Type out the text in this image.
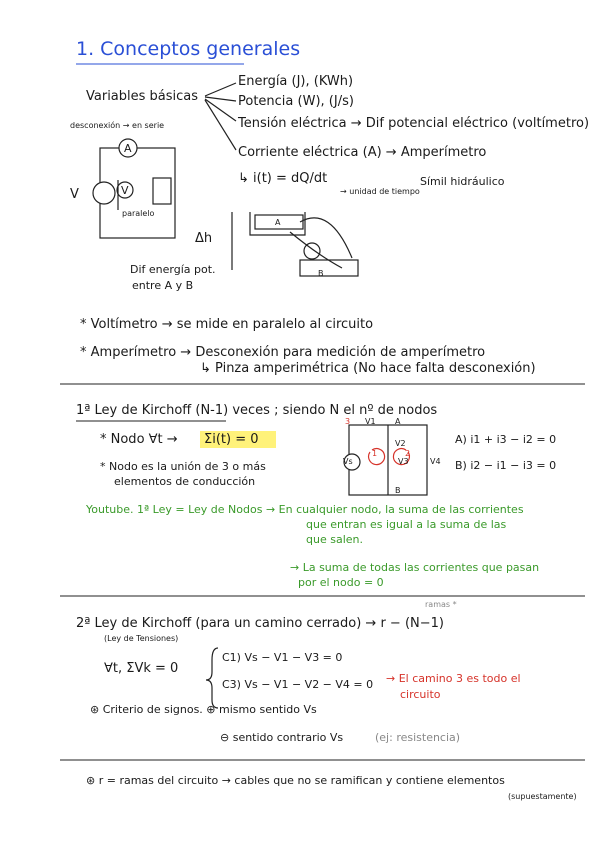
1. Conceptos generales
Variables básicas
Energía (J), (KWh)
Potencia (W), (J/s)
Tensión eléctrica → Dif potencial eléctrico (voltímetro)
Corriente eléctrica (A) → Amperímetro
↳ i(t) = dQ/dt
→ unidad de tiempo
Símil hidráulico
desconexión → en serie
A
V
V
paralelo
Δh
A
B
Dif energía pot.
entre A y B
* Voltímetro → se mide en paralelo al circuito
* Amperímetro → Desconexión para medición de amperímetro
↳ Pinza amperimétrica (No hace falta desconexión)
1ª Ley de Kirchoff (N-1) veces ; siendo N el nº de nodos
* Nodo ∀t → Σi(t) = 0
* Nodo es la unión de 3 o más
elementos de conducción
3 V1 A
V2
V3	V4
Vs
1	2
B
A) i1 + i3 − i2 = 0
B) i2 − i1 − i3 = 0
Youtube. 1ª Ley = Ley de Nodos → En cualquier nodo, la suma de las corrientes
que entran es igual a la suma de las
que salen.
→ La suma de todas las corrientes que pasan
por el nodo = 0
ramas *
2ª Ley de Kirchoff (para un camino cerrado) → r − (N−1)
(Ley de Tensiones)
∀t, ΣVk = 0
C1) Vs − V1 − V3 = 0
C3) Vs − V1 − V2 − V4 = 0 → El camino 3 es todo el
circuito
⊛ Criterio de signos. ⊕ mismo sentido Vs
⊖ sentido contrario Vs	(ej: resistencia)
⊛ r = ramas del circuito → cables que no se ramifican y contiene elementos
(supuestamente)
